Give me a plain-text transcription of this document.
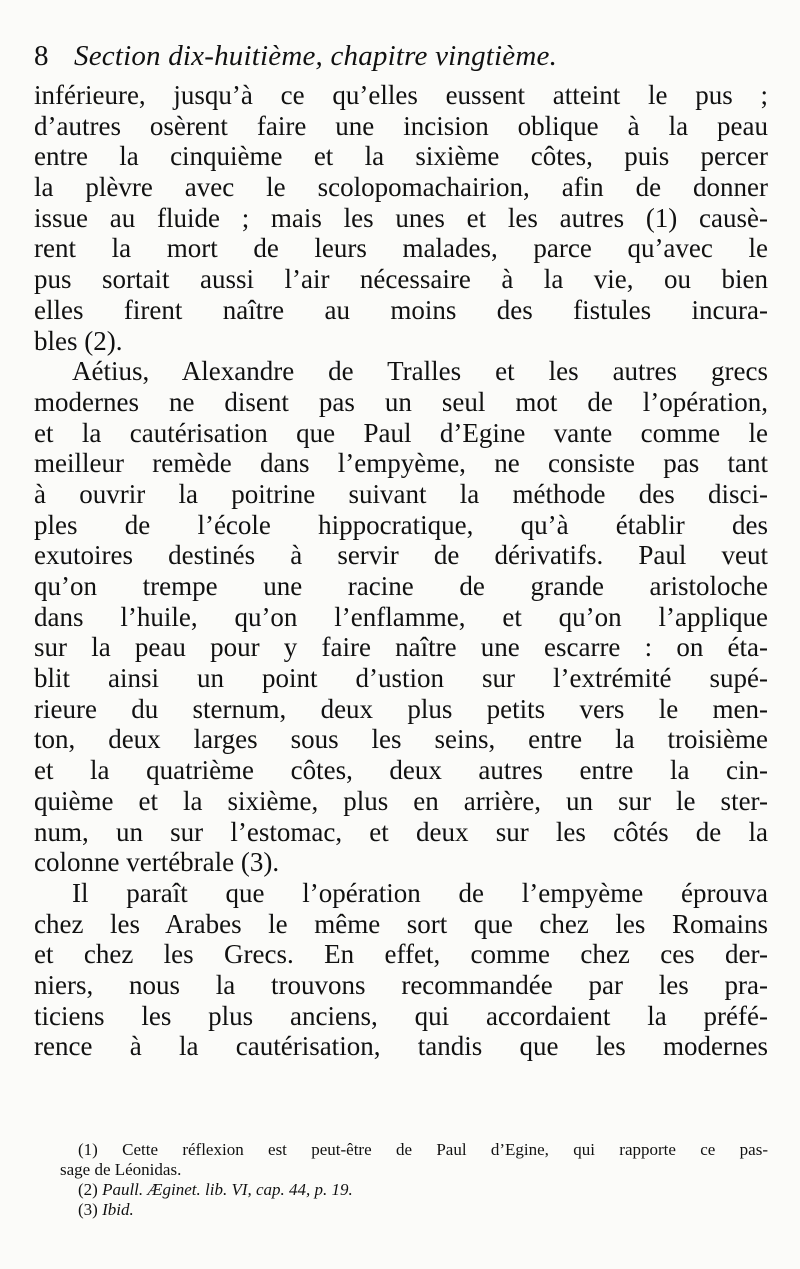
8 Section dix-huitième, chapitre vingtième.
inférieure, jusqu’à ce qu’elles eussent atteint le pus ;
d’autres osèrent faire une incision oblique à la peau
entre la cinquième et la sixième côtes, puis percer
la plèvre avec le scolopomachairion, afin de donner
issue au fluide ; mais les unes et les autres (1) causè-
rent la mort de leurs malades, parce qu’avec le
pus sortait aussi l’air nécessaire à la vie, ou bien
elles firent naître au moins des fistules incura-
bles (2).
Aétius, Alexandre de Tralles et les autres grecs
modernes ne disent pas un seul mot de l’opération,
et la cautérisation que Paul d’Egine vante comme le
meilleur remède dans l’empyème, ne consiste pas tant
à ouvrir la poitrine suivant la méthode des disci-
ples de l’école hippocratique, qu’à établir des
exutoires destinés à servir de dérivatifs. Paul veut
qu’on trempe une racine de grande aristoloche
dans l’huile, qu’on l’enflamme, et qu’on l’applique
sur la peau pour y faire naître une escarre : on éta-
blit ainsi un point d’ustion sur l’extrémité supé-
rieure du sternum, deux plus petits vers le men-
ton, deux larges sous les seins, entre la troisième
et la quatrième côtes, deux autres entre la cin-
quième et la sixième, plus en arrière, un sur le ster-
num, un sur l’estomac, et deux sur les côtés de la
colonne vertébrale (3).
Il paraît que l’opération de l’empyème éprouva
chez les Arabes le même sort que chez les Romains
et chez les Grecs. En effet, comme chez ces der-
niers, nous la trouvons recommandée par les pra-
ticiens les plus anciens, qui accordaient la préfé-
rence à la cautérisation, tandis que les modernes
(1) Cette réflexion est peut-être de Paul d’Egine, qui rapporte ce pas-
sage de Léonidas.
(2) Paull. Æginet. lib. VI, cap. 44, p. 19.
(3) Ibid.
